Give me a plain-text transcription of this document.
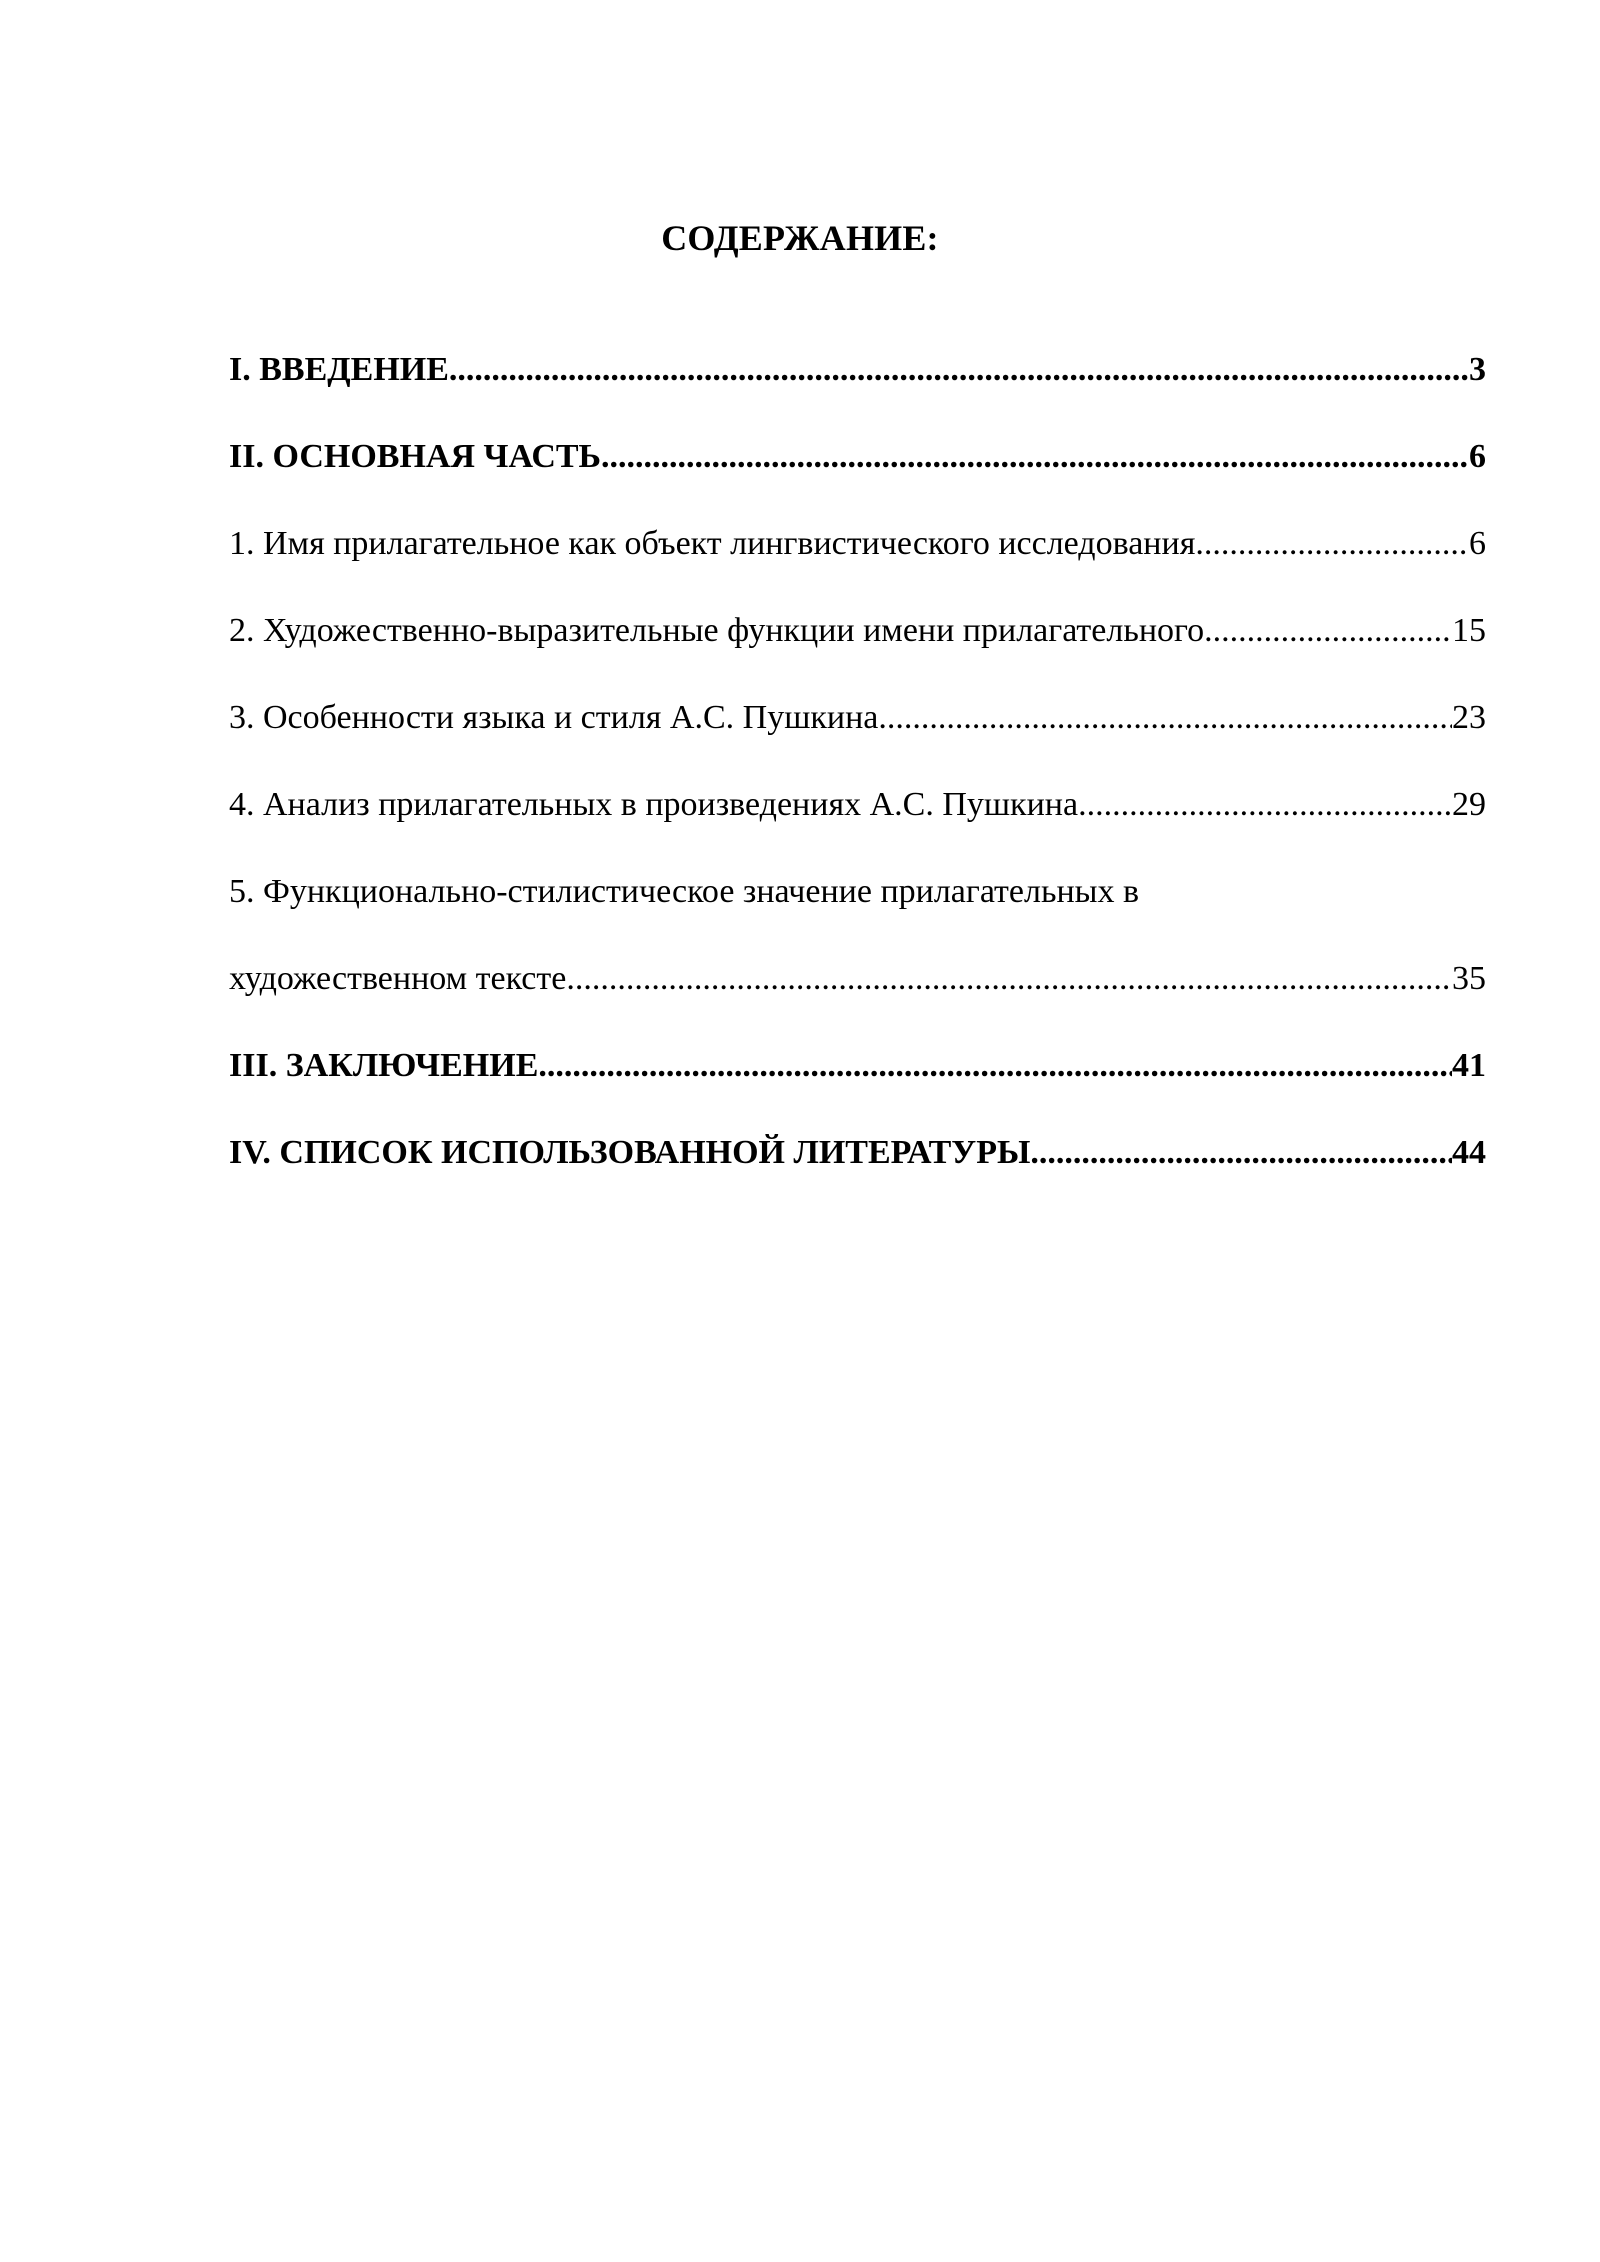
СОДЕРЖАНИЕ:
I. ВВЕДЕНИЕ .....	3
II. ОСНОВНАЯ ЧАСТЬ .....	6
1. Имя прилагательное как объект лингвистического исследования .....	6
2. Художественно-выразительные функции имени прилагательного .....	15
3. Особенности языка и стиля А.С. Пушкина .....	23
4. Анализ прилагательных в произведениях А.С. Пушкина .....	29
5. Функционально-стилистическое значение прилагательных в
художественном тексте .....	35
III. ЗАКЛЮЧЕНИЕ .....	41
IV. СПИСОК ИСПОЛЬЗОВАННОЙ ЛИТЕРАТУРЫ .....	44
